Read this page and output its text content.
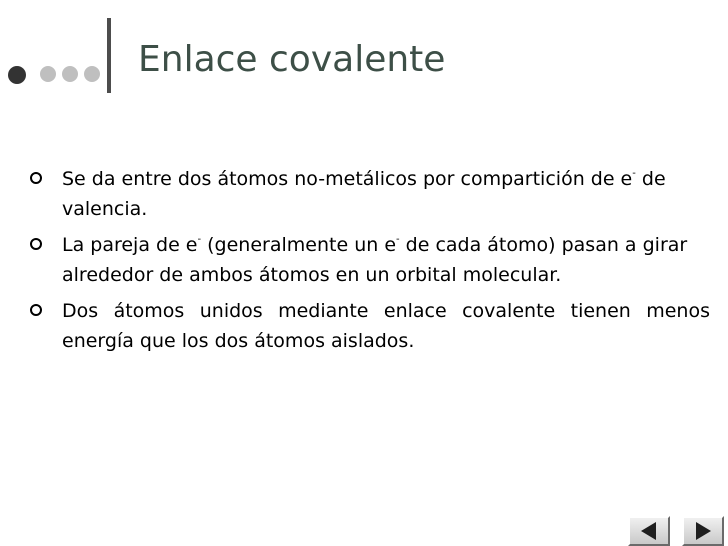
Enlace covalente
Se da entre dos átomos no-metálicos por compartición de e- de valencia.
La pareja de e- (generalmente un e- de cada átomo) pasan a girar alrededor de ambos átomos en un orbital molecular.
Dos átomos unidos mediante enlace covalente tienen menos energía que los dos átomos aislados.
